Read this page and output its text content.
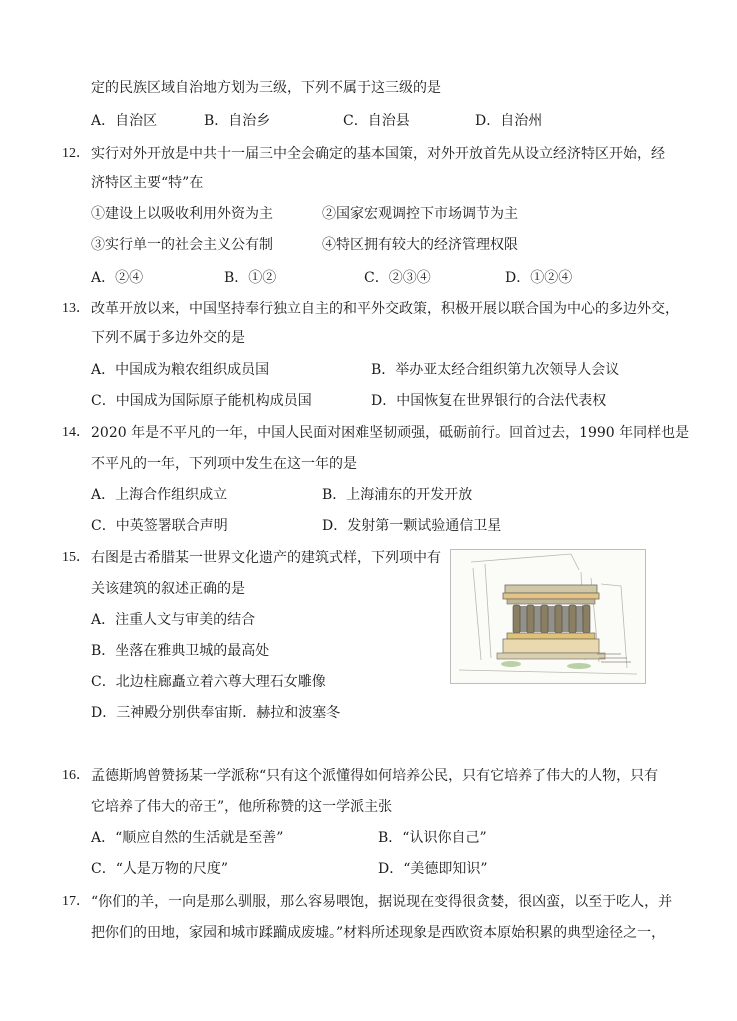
定的民族区域自治地方划为三级，下列不属于这三级的是
A．自治区	B．自治乡	C．自治县	D．自治州
12． 实行对外开放是中共十一届三中全会确定的基本国策，对外开放首先从设立经济特区开始，经
济特区主要“特”在
①建设上以吸收利用外资为主	②国家宏观调控下市场调节为主
③实行单一的社会主义公有制	④特区拥有较大的经济管理权限
A．②④	B．①②	C．②③④	D．①②④
13． 改革开放以来，中国坚持奉行独立自主的和平外交政策，积极开展以联合国为中心的多边外交，
下列不属于多边外交的是
A．中国成为粮农组织成员国	B．举办亚太经合组织第九次领导人会议
C．中国成为国际原子能机构成员国	D．中国恢复在世界银行的合法代表权
14． 2020 年是不平凡的一年，中国人民面对困难坚韧顽强，砥砺前行。回首过去，1990 年同样也是
不平凡的一年，下列项中发生在这一年的是
A．上海合作组织成立	B．上海浦东的开发开放
C．中英签署联合声明	D．发射第一颗试验通信卫星
15． 右图是古希腊某一世界文化遗产的建筑式样，下列项中有
关该建筑的叙述正确的是
A．注重人文与审美的结合
B．坐落在雅典卫城的最高处
C．北边柱廊矗立着六尊大理石女雕像
D．三神殿分别供奉宙斯．赫拉和波塞冬
16． 孟德斯鸠曾赞扬某一学派称“只有这个派懂得如何培养公民，只有它培养了伟大的人物，只有
它培养了伟大的帝王”，他所称赞的这一学派主张
A．“顺应自然的生活就是至善”	B．“认识你自己”
C．“人是万物的尺度”	D．“美德即知识”
17． “你们的羊，一向是那么驯服，那么容易喂饱，据说现在变得很贪婪，很凶蛮，以至于吃人，并
把你们的田地，家园和城市蹂躏成废墟。”材料所述现象是西欧资本原始积累的典型途径之一，
